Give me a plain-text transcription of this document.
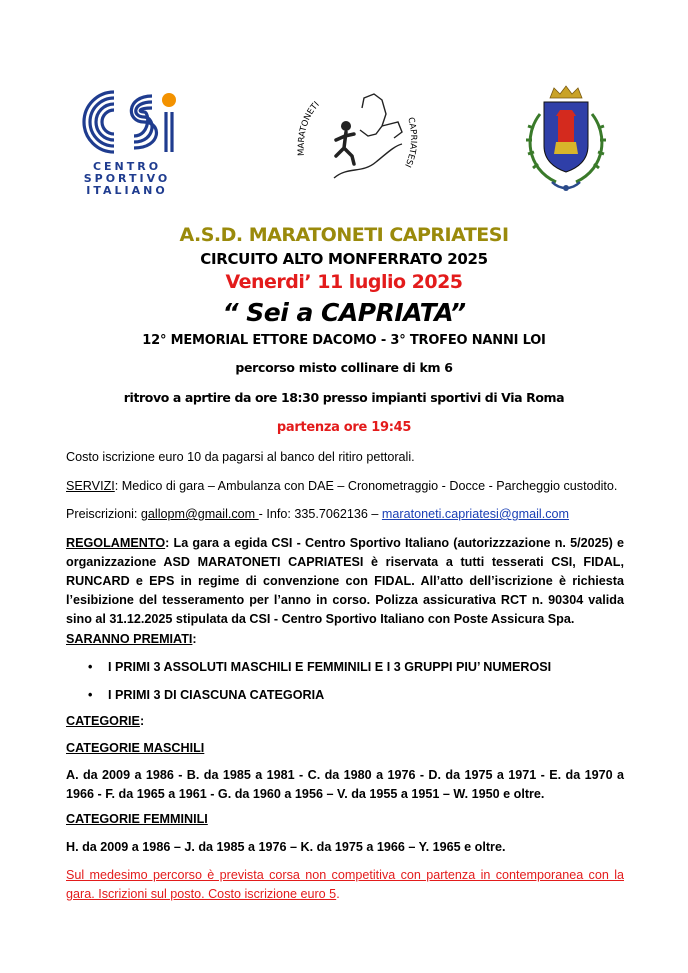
CENTRO
SPORTIVO
ITALIANO
MARATONETI
CAPRIATESI
A.S.D. MARATONETI CAPRIATESI
CIRCUITO ALTO MONFERRATO 2025
Venerdi’ 11 luglio 2025
“ Sei a CAPRIATA”
12° MEMORIAL ETTORE DACOMO - 3° TROFEO NANNI LOI
percorso misto collinare di km 6
ritrovo a aprtire da ore 18:30 presso impianti sportivi di Via Roma
partenza ore 19:45
Costo iscrizione euro 10 da pagarsi al banco del ritiro pettorali.
SERVIZI: Medico di gara – Ambulanza con DAE – Cronometraggio - Docce - Parcheggio custodito.
Preiscrizioni: gallopm@gmail.com - Info: 335.7062136 – maratoneti.capriatesi@gmail.com
REGOLAMENTO: La gara a egida CSI - Centro Sportivo Italiano (autorizzzazione n. 5/2025) e organizzazione ASD MARATONETI CAPRIATESI è riservata a tutti tesserati CSI, FIDAL, RUNCARD e EPS in regime di convenzione con FIDAL. All’atto dell’iscrizione è richiesta l’esibizione del tesseramento per l’anno in corso. Polizza assicurativa RCT n. 90304 valida sino al 31.12.2025 stipulata da CSI - Centro Sportivo Italiano con Poste Assicura Spa.
SARANNO PREMIATI:
• I PRIMI 3 ASSOLUTI MASCHILI E FEMMINILI E I 3 GRUPPI PIU’ NUMEROSI
• I PRIMI 3 DI CIASCUNA CATEGORIA
CATEGORIE:
CATEGORIE MASCHILI
A. da 2009 a 1986 - B. da 1985 a 1981 - C. da 1980 a 1976 - D. da 1975 a 1971 - E. da 1970 a 1966 - F. da 1965 a 1961 - G. da 1960 a 1956 – V. da 1955 a 1951 – W. 1950 e oltre.
CATEGORIE FEMMINILI
H. da 2009 a 1986 – J. da 1985 a 1976 – K. da 1975 a 1966 – Y. 1965 e oltre.
Sul medesimo percorso è prevista corsa non competitiva con partenza in contemporanea con la gara. Iscrizioni sul posto. Costo iscrizione euro 5.
